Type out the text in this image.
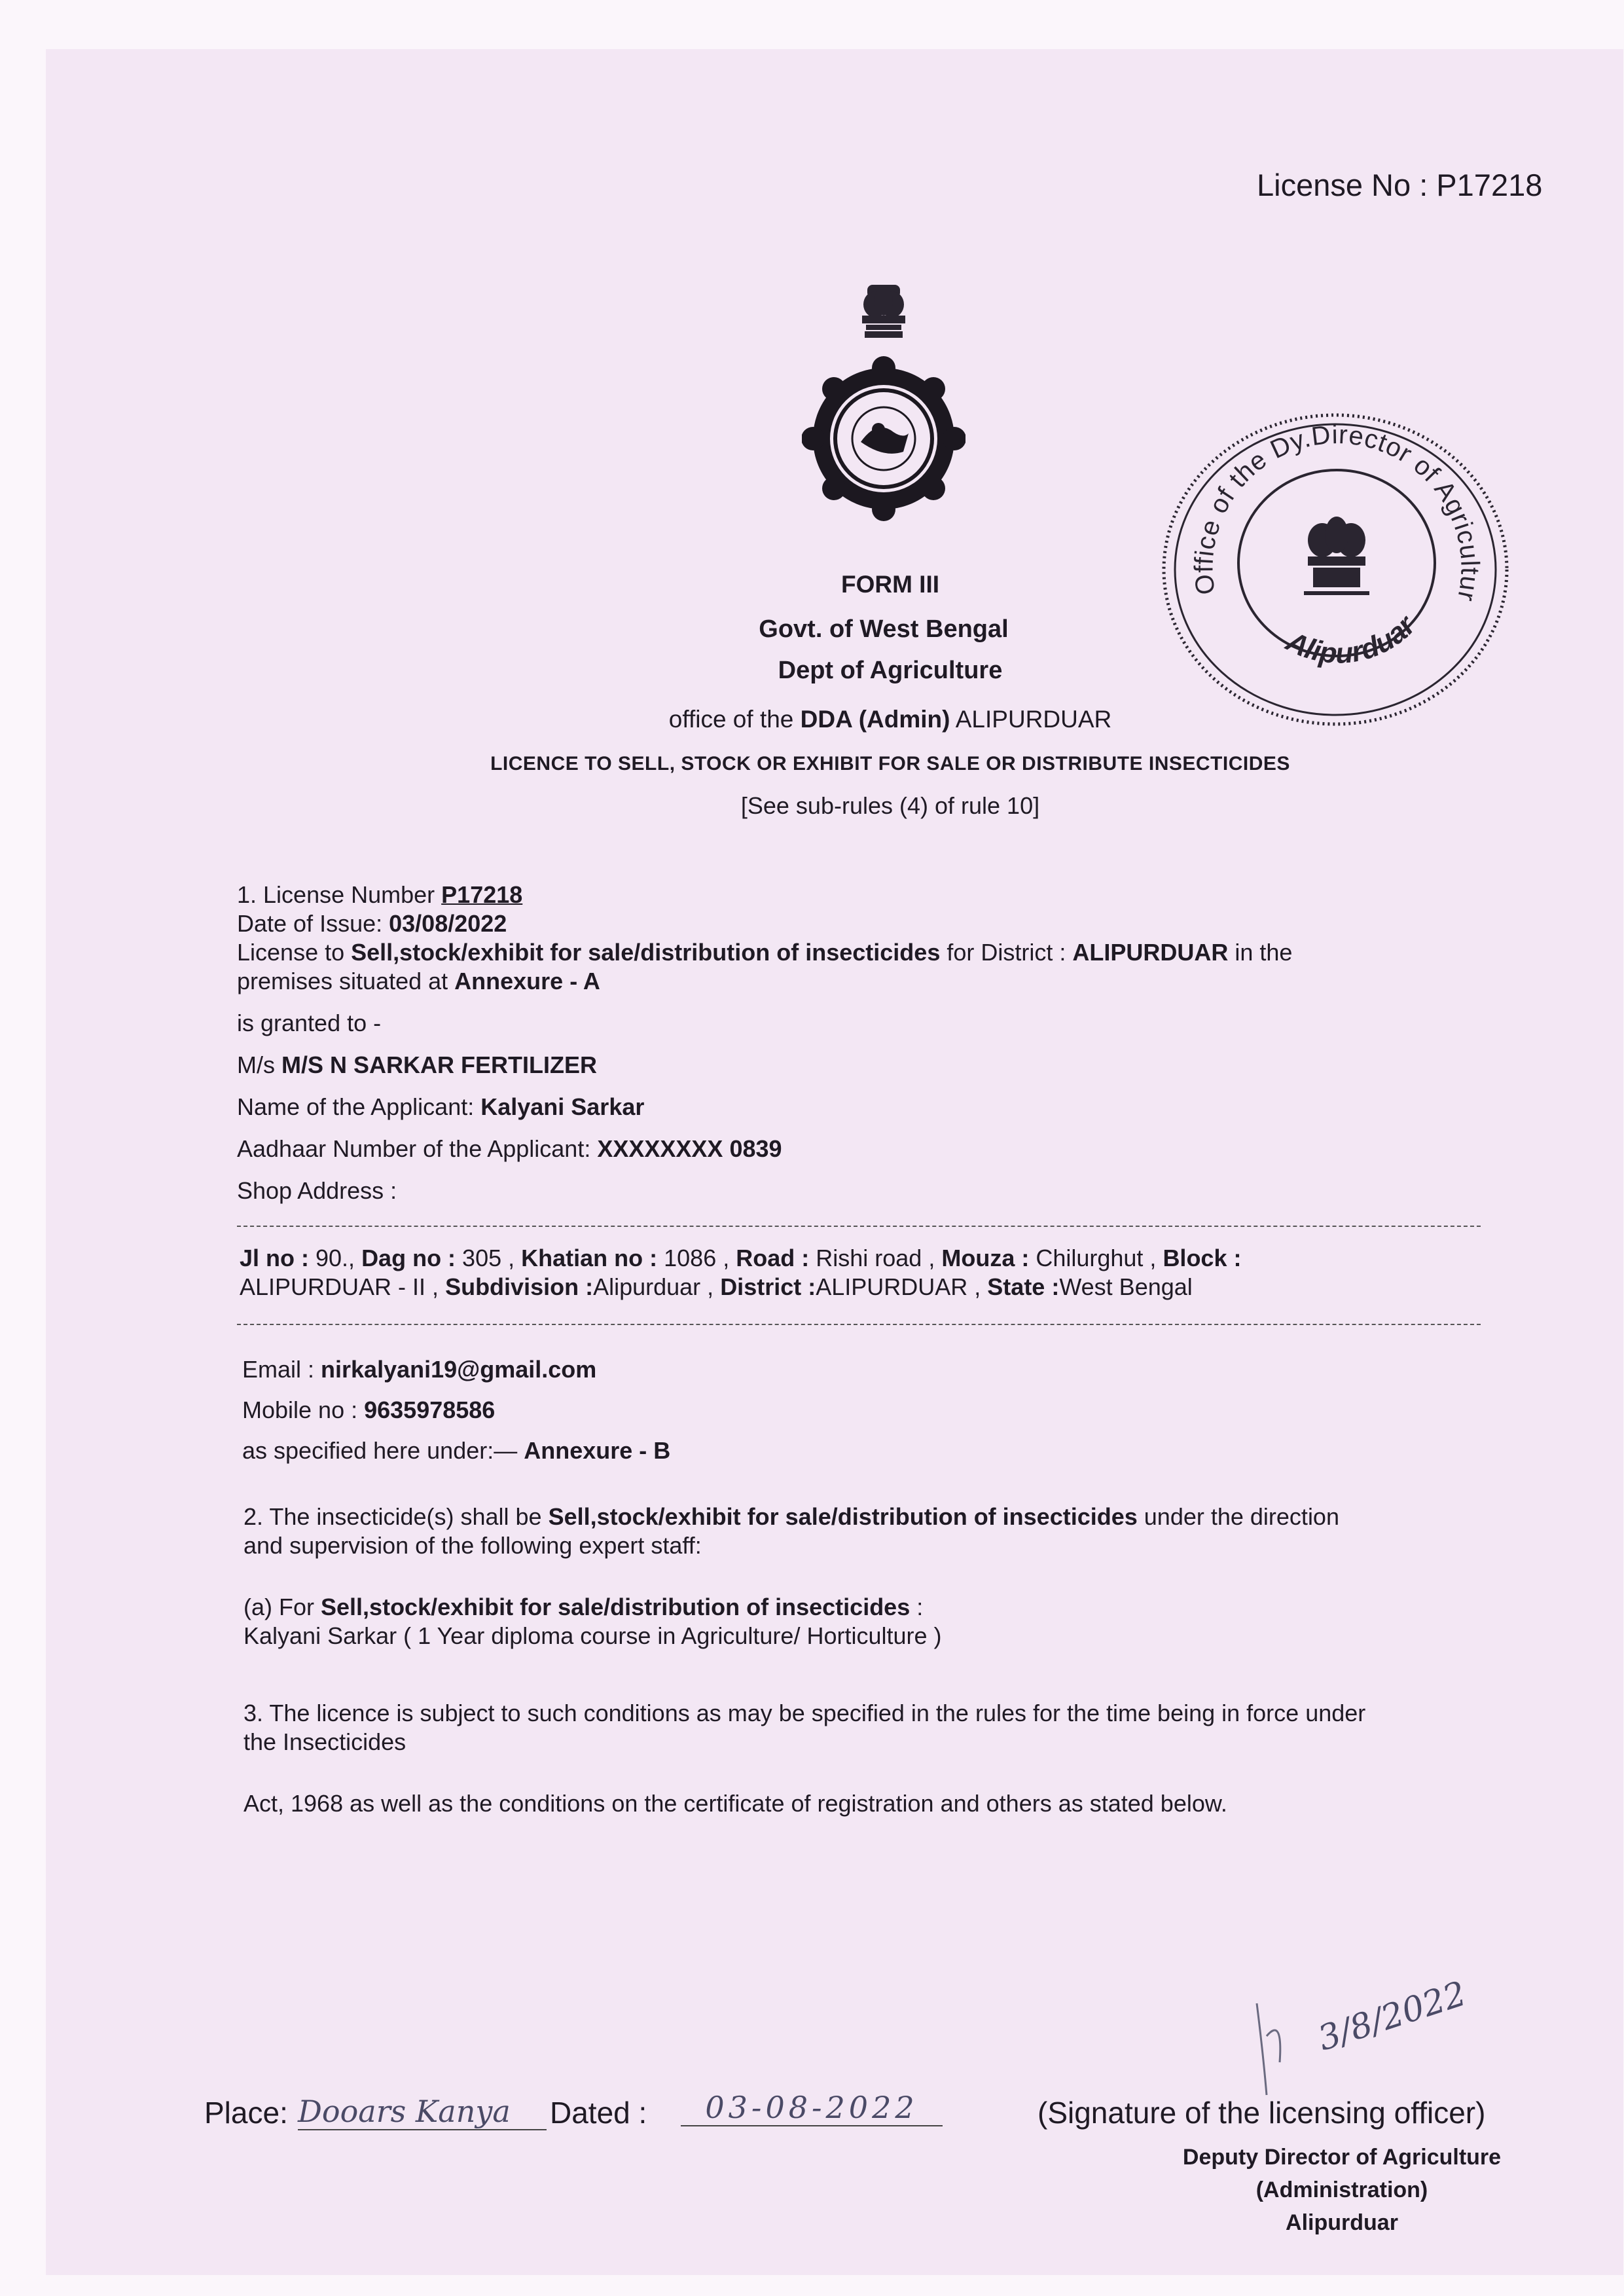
License No : P17218
Office of the Dy.Director of Agricultur
Alipurduar
FORM III
Govt. of West Bengal
Dept of Agriculture
office of the DDA (Admin) ALIPURDUAR
LICENCE TO SELL, STOCK OR EXHIBIT FOR SALE OR DISTRIBUTE INSECTICIDES
[See sub-rules (4) of rule 10]
1. License Number P17218
Date of Issue: 03/08/2022
License to Sell,stock/exhibit for sale/distribution of insecticides for District : ALIPURDUAR in the
premises situated at Annexure - A
is granted to -
M/s M/S N SARKAR FERTILIZER
Name of the Applicant: Kalyani Sarkar
Aadhaar Number of the Applicant: XXXXXXXX 0839
Shop Address :
Jl no : 90., Dag no : 305 , Khatian no : 1086 , Road : Rishi road , Mouza : Chilurghut , Block :
ALIPURDUAR - II , Subdivision :Alipurduar , District :ALIPURDUAR , State :West Bengal
Email : nirkalyani19@gmail.com
Mobile no : 9635978586
as specified here under:— Annexure - B
2. The insecticide(s) shall be Sell,stock/exhibit for sale/distribution of insecticides under the direction
and supervision of the following expert staff:
(a) For Sell,stock/exhibit for sale/distribution of insecticides :
Kalyani Sarkar ( 1 Year diploma course in Agriculture/ Horticulture )
3. The licence is subject to such conditions as may be specified in the rules for the time being in force under
the Insecticides
Act, 1968 as well as the conditions on the certificate of registration and others as stated below.
3/8/2022
Place: Dooars Kanya	Dated :	03-08-2022	(Signature of the licensing officer)
Deputy Director of Agriculture
(Administration)
Alipurduar
